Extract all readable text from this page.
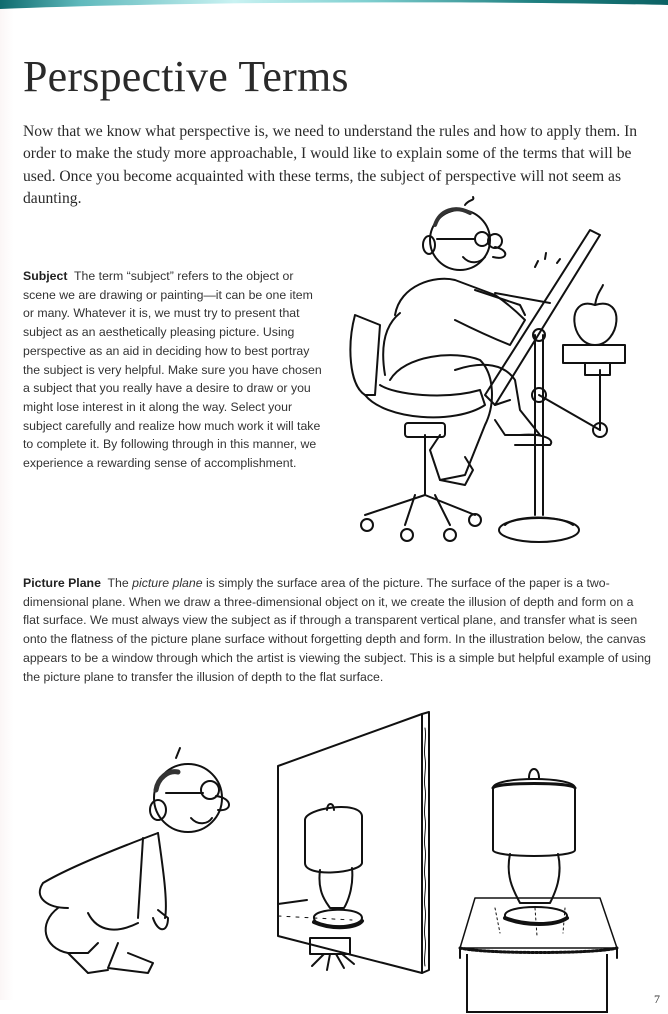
Perspective Terms

Now that we know what perspective is, we need to understand the rules and how to apply them. In order to make the study more approachable, I would like to explain some of the terms that will be used. Once you become acquainted with these terms, the subject of perspective will not seem as daunting.

Subject The term “subject” refers to the object or scene we are drawing or painting—it can be one item or many. Whatever it is, we must try to present that subject as an aesthetically pleasing picture. Using perspective as an aid in deciding how to best portray the subject is very helpful. Make sure you have chosen a subject that you really have a desire to draw or you might lose interest in it along the way. Select your subject carefully and realize how much work it will take to complete it. By following through in this manner, we experience a rewarding sense of accomplishment.

Picture Plane The picture plane is simply the surface area of the picture. The surface of the paper is a two-dimensional plane. When we draw a three-dimensional object on it, we create the illusion of depth and form on a flat surface. We must always view the subject as if through a transparent vertical plane, and transfer what is seen onto the flatness of the picture plane surface without forgetting depth and form. In the illustration below, the canvas appears to be a window through which the artist is viewing the subject. This is a simple but helpful example of using the picture plane to transfer the illusion of depth to the flat surface.

7
